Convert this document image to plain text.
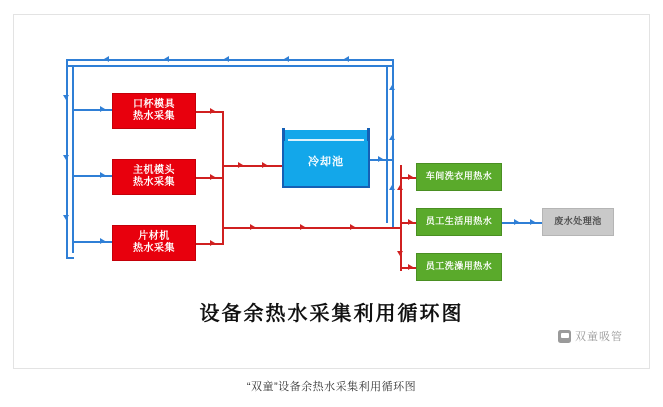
口杯模具
热水采集
主机模头
热水采集
片材机
热水采集
冷却池
车间洗衣用热水
员工生活用热水
员工洗澡用热水
废水处理池
设备余热水采集利用循环图
双童吸管
“双童”设备余热水采集利用循环图
